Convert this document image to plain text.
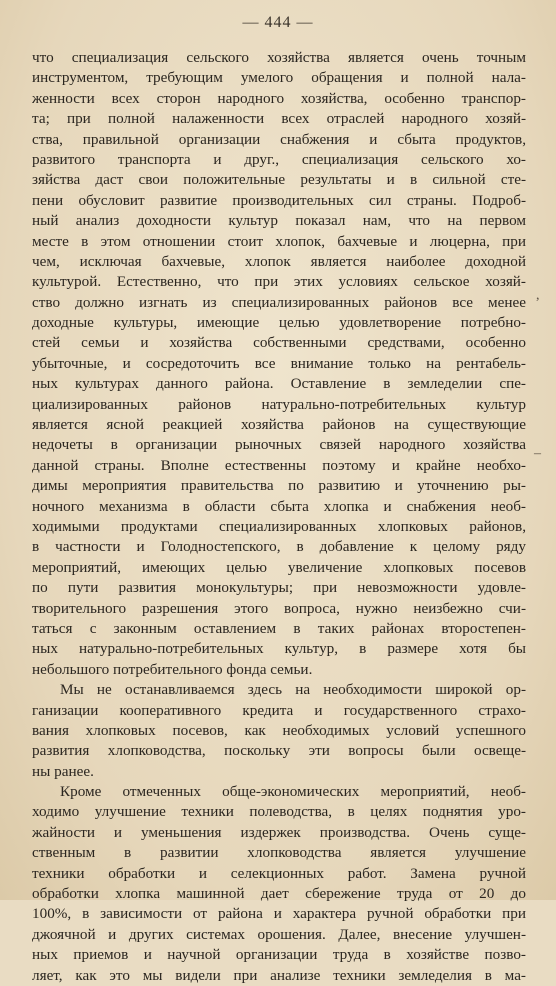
— 444 —
что специализация сельского хозяйства является очень точным
инструментом, требующим умелого обращения и полной нала-
женности всех сторон народного хозяйства, особенно транспор-
та; при полной налаженности всех отраслей народного хозяй-
ства, правильной организации снабжения и сбыта продуктов,
развитого транспорта и друг., специализация сельского хо-
зяйства даст свои положительные результаты и в сильной сте-
пени обусловит развитие производительных сил страны. Подроб-
ный анализ доходности культур показал нам, что на первом
месте в этом отношении стоит хлопок, бахчевые и люцерна, при
чем, исключая бахчевые, хлопок является наиболее доходной
культурой. Естественно, что при этих условиях сельское хозяй-
ство должно изгнать из специализированных районов все менее
доходные культуры, имеющие целью удовлетворение потребно-
стей семьи и хозяйства собственными средствами, особенно
убыточные, и сосредоточить все внимание только на рентабель-
ных культурах данного района. Оставление в земледелии спе-
циализированных районов натурально-потребительных культур
является ясной реакцией хозяйства районов на существующие
недочеты в организации рыночных связей народного хозяйства
данной страны. Вполне естественны поэтому и крайне необхо-
димы мероприятия правительства по развитию и уточнению ры-
ночного механизма в области сбыта хлопка и снабжения необ-
ходимыми продуктами специализированных хлопковых районов,
в частности и Голодностепского, в добавление к целому ряду
мероприятий, имеющих целью увеличение хлопковых посевов
по пути развития монокультуры; при невозможности удовле-
творительного разрешения этого вопроса, нужно неизбежно счи-
таться с законным оставлением в таких районах второстепен-
ных натурально-потребительных культур, в размере хотя бы
небольшого потребительного фонда семьи.
Мы не останавливаемся здесь на необходимости широкой ор-
ганизации кооперативного кредита и государственного страхо-
вания хлопковых посевов, как необходимых условий успешного
развития хлопководства, поскольку эти вопросы были освеще-
ны ранее.
Кроме отмеченных обще-экономических мероприятий, необ-
ходимо улучшение техники полеводства, в целях поднятия уро-
жайности и уменьшения издержек производства. Очень суще-
ственным в развитии хлопководства является улучшение
техники обработки и селекционных работ. Замена ручной
обработки хлопка машинной дает сбережение труда от 20 до
100%, в зависимости от района и характера ручной обработки при
джоячной и других системах орошения. Далее, внесение улучшен-
ных приемов и научной организации труда в хозяйстве позво-
ляет, как это мы видели при анализе техники земледелия в ма-
,
–
